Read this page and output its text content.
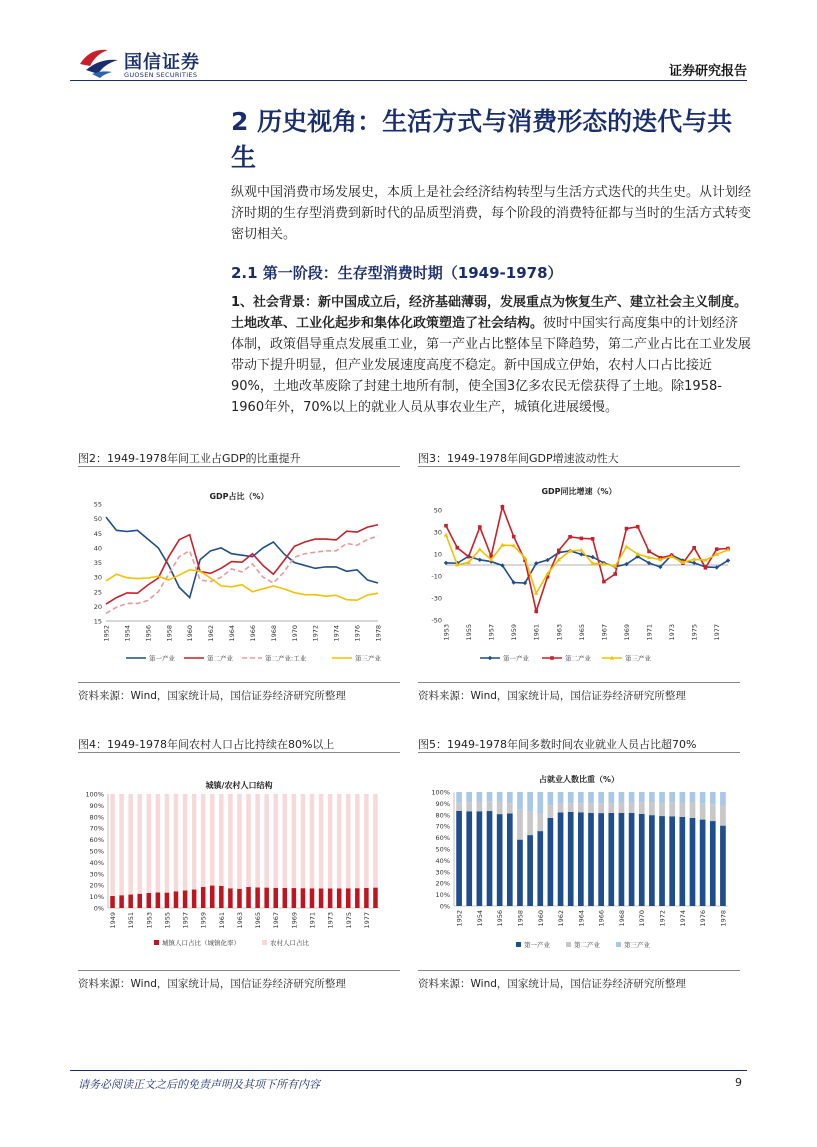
国信证券
GUOSEN SECURITIES	证券研究报告
2 历史视角：生活方式与消费形态的迭代与共生

纵观中国消费市场发展史，本质上是社会经济结构转型与生活方式迭代的共生史。从计划经济时期的生存型消费到新时代的品质型消费，每个阶段的消费特征都与当时的生活方式转变密切相关。

2.1 第一阶段：生存型消费时期（1949-1978）

1、社会背景：新中国成立后，经济基础薄弱，发展重点为恢复生产、建立社会主义制度。土地改革、工业化起步和集体化政策塑造了社会结构。彼时中国实行高度集中的计划经济体制，政策倡导重点发展重工业，第一产业占比整体呈下降趋势，第二产业占比在工业发展带动下提升明显，但产业发展速度高度不稳定。新中国成立伊始，农村人口占比接近90%，土地改革废除了封建土地所有制，使全国3亿多农民无偿获得了土地。除1958-1960年外，70%以上的就业人员从事农业生产，城镇化进展缓慢。

图2：1949-1978年间工业占GDP的比重提升	图3：1949-1978年间GDP增速波动性大
GDP占比（%）
15
20
25
30
35
40
45
50
55
1952 1954 1956 1958 1960 1962 1964 1966 1968 1970 1972 1974 1976 1978
第一产业	第二产业	第二产业:工业	第三产业
GDP同比增速（%）
-50
-30
-10
10
30
50
1953 1955 1957 1959 1961 1963 1965 1967 1969 1971 1973 1975 1977
第一产业	第二产业	第三产业
资料来源：Wind，国家统计局，国信证券经济研究所整理	资料来源：Wind，国家统计局，国信证券经济研究所整理
图4：1949-1978年间农村人口占比持续在80%以上	图5：1949-1978年间多数时间农业就业人员占比超70%
城镇/农村人口结构
0%
10%
20%
30%
40%
50%
60%
70%
80%
90%
100%
1949 1951 1953 1955 1957 1959 1961 1963 1965 1967 1969 1971 1973 1975 1977
城镇人口占比（城镇化率）	农村人口占比
占就业人数比重（%）
0%
10%
20%
30%
40%
50%
60%
70%
80%
90%
100%
1952 1954 1956 1958 1960 1962 1964 1966 1968 1970 1972 1974 1976 1978
第一产业	第二产业	第三产业
资料来源：Wind，国家统计局，国信证券经济研究所整理	资料来源：Wind，国家统计局，国信证券经济研究所整理
请务必阅读正文之后的免责声明及其项下所有内容	9
